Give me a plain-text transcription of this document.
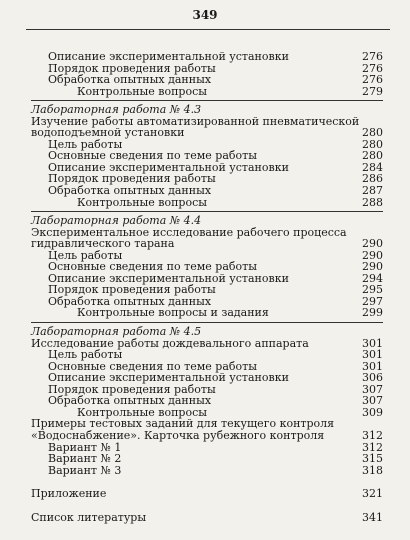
349
Описание экспериментальной установки	276
Порядок проведения работы	276
Обработка опытных данных	276
Контрольные вопросы	279
Лабораторная работа № 4.3
Изучение работы автоматизированной пневматической
водоподъемной установки	280
Цель работы	280
Основные сведения по теме работы	280
Описание экспериментальной установки	284
Порядок проведения работы	286
Обработка опытных данных	287
Контрольные вопросы	288
Лабораторная работа № 4.4
Экспериментальное исследование рабочего процесса
гидравлического тарана	290
Цель работы	290
Основные сведения по теме работы	290
Описание экспериментальной установки	294
Порядок проведения работы	295
Обработка опытных данных	297
Контрольные вопросы и задания	299
Лабораторная работа № 4.5
Исследование работы дождевального аппарата	301
Цель работы	301
Основные сведения по теме работы	301
Описание экспериментальной установки	306
Порядок проведения работы	307
Обработка опытных данных	307
Контрольные вопросы	309
Примеры тестовых заданий для текущего контроля
«Водоснабжение». Карточка рубежного контроля	312
Вариант № 1	312
Вариант № 2	315
Вариант № 3	318
Приложение	321
Список литературы	341
